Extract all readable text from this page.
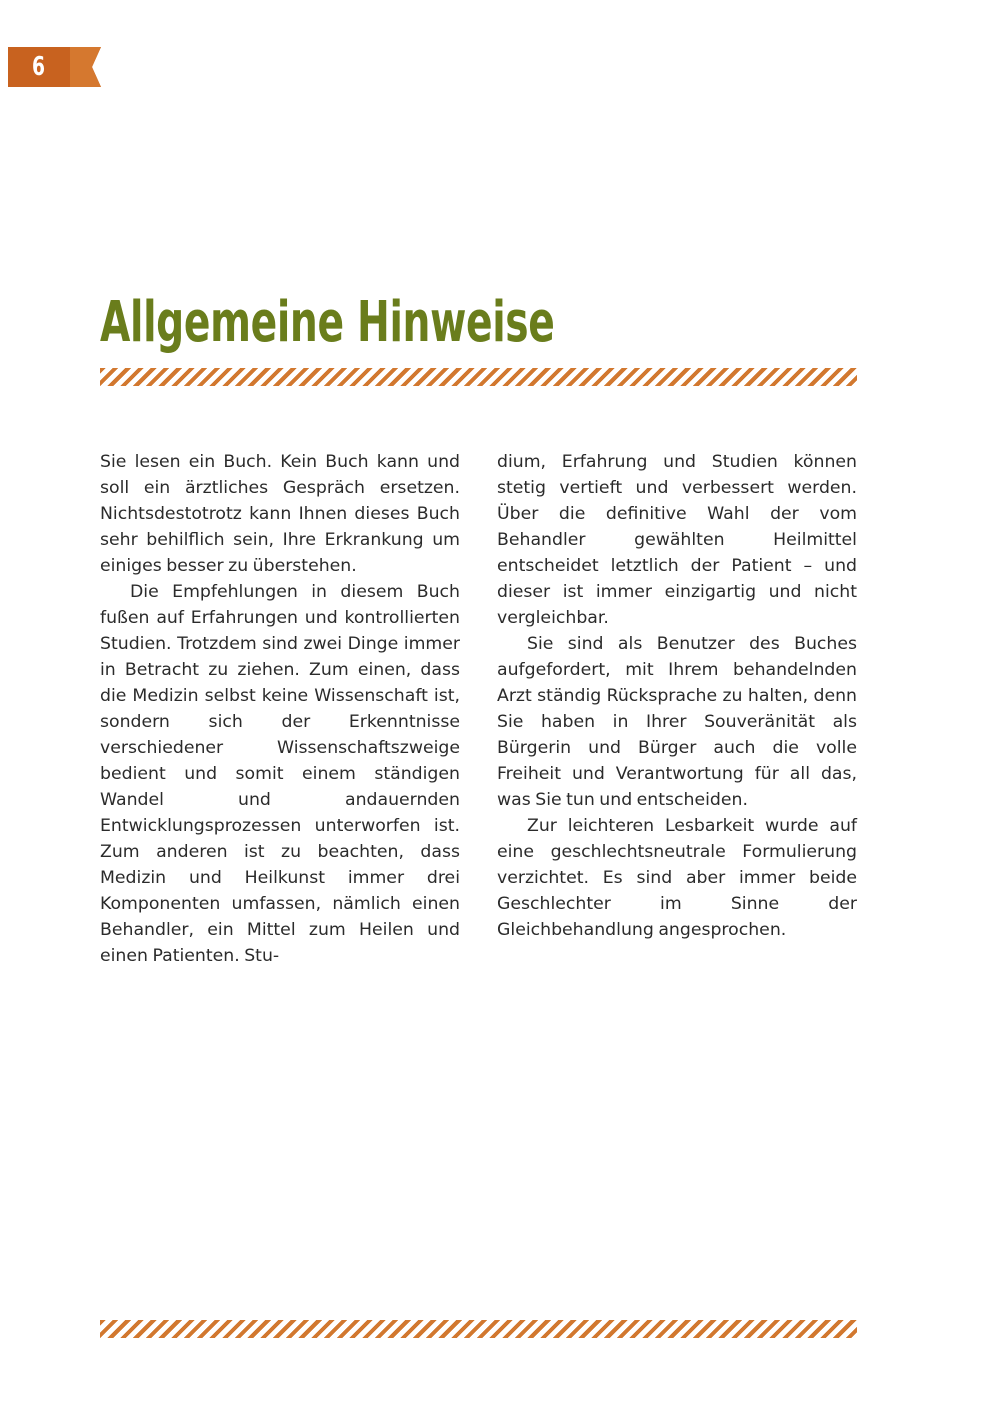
6
Allgemeine Hinweise

Sie lesen ein Buch. Kein Buch kann und soll ein ärztliches Gespräch ersetzen. Nichtsdestotrotz kann Ihnen dieses Buch sehr behilflich sein, Ihre Erkrankung um einiges besser zu überstehen.

Die Empfehlungen in diesem Buch fußen auf Erfahrungen und kontrollierten Studien. Trotzdem sind zwei Dinge immer in Betracht zu ziehen. Zum einen, dass die Medizin selbst keine Wissenschaft ist, sondern sich der Erkenntnisse verschiedener Wissenschaftszweige bedient und somit einem ständigen Wandel und andauernden Entwicklungsprozessen unterworfen ist. Zum anderen ist zu beachten, dass Medizin und Heilkunst immer drei Komponenten umfassen, nämlich einen Behandler, ein Mittel zum Heilen und einen Patienten. Stu-

dium, Erfahrung und Studien können stetig vertieft und verbessert werden. Über die definitive Wahl der vom Behandler gewählten Heilmittel entscheidet letztlich der Patient – und dieser ist immer einzigartig und nicht vergleichbar.

Sie sind als Benutzer des Buches aufgefordert, mit Ihrem behandelnden Arzt ständig Rücksprache zu halten, denn Sie haben in Ihrer Souveränität als Bürgerin und Bürger auch die volle Freiheit und Verantwortung für all das, was Sie tun und entscheiden.

Zur leichteren Lesbarkeit wurde auf eine geschlechtsneutrale Formulierung verzichtet. Es sind aber immer beide Geschlechter im Sinne der Gleichbehandlung angesprochen.
